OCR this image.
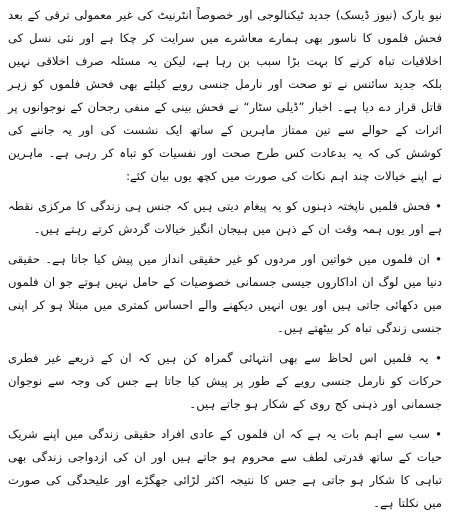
نیو یارک (نیوز ڈیسک) جدید ٹیکنالوجی اور خصوصاً انٹرنیٹ کی غیر معمولی ترقی کے بعد فحش فلموں کا ناسور بھی ہمارے معاشرے میں سرایت کر چکا ہے اور نئی نسل کی اخلاقیات تباہ کرنے کا بہت بڑا سبب بن رہا ہے، لیکن یہ مسئلہ صرف اخلاقی نہیں بلکہ جدید سائنس نے تو صحت اور نارمل جنسی رویے کیلئے بھی فحش فلموں کو زہر قاتل قرار دے دیا ہے۔ اخبار ”ڈیلی سٹار“ نے فحش بینی کے منفی رجحان کے نوجوانوں پر اثرات کے حوالے سے تین ممتاز ماہرین کے ساتھ ایک نشست کی اور یہ جاننے کی کوشش کی کہ یہ بدعادت کس طرح صحت اور نفسیات کو تباہ کر رہی ہے۔ ماہرین نے اپنے خیالات چند اہم نکات کی صورت میں کچھ یوں بیان کئے:

• فحش فلمیں ناپختہ ذہنوں کو یہ پیغام دیتی ہیں کہ جنس ہی زندگی کا مرکزی نقطہ ہے اور یوں ہمہ وقت ان کے ذہن میں ہیجان انگیز خیالات گردش کرتے رہتے ہیں۔

• ان فلموں میں خواتین اور مردوں کو غیر حقیقی انداز میں پیش کیا جاتا ہے۔ حقیقی دنیا میں لوگ ان اداکاروں جیسی جسمانی خصوصیات کے حامل نہیں ہوتے جو ان فلموں میں دکھائی جاتی ہیں اور یوں انہیں دیکھنے والے احساس کمتری میں مبتلا ہو کر اپنی جنسی زندگی تباہ کر بیٹھتے ہیں۔

• یہ فلمیں اس لحاظ سے بھی انتہائی گمراہ کن ہیں کہ ان کے ذریعے غیر فطری حرکات کو نارمل جنسی رویے کے طور پر پیش کیا جاتا ہے جس کی وجہ سے نوجوان جسمانی اور ذہنی کج روی کے شکار ہو جاتے ہیں۔

• سب سے اہم بات یہ ہے کہ ان فلموں کے عادی افراد حقیقی زندگی میں اپنے شریک حیات کے ساتھ قدرتی لطف سے محروم ہو جاتے ہیں اور ان کی ازدواجی زندگی بھی تباہی کا شکار ہو جاتی ہے جس کا نتیجہ اکثر لڑائی جھگڑے اور علیحدگی کی صورت میں نکلتا ہے۔
